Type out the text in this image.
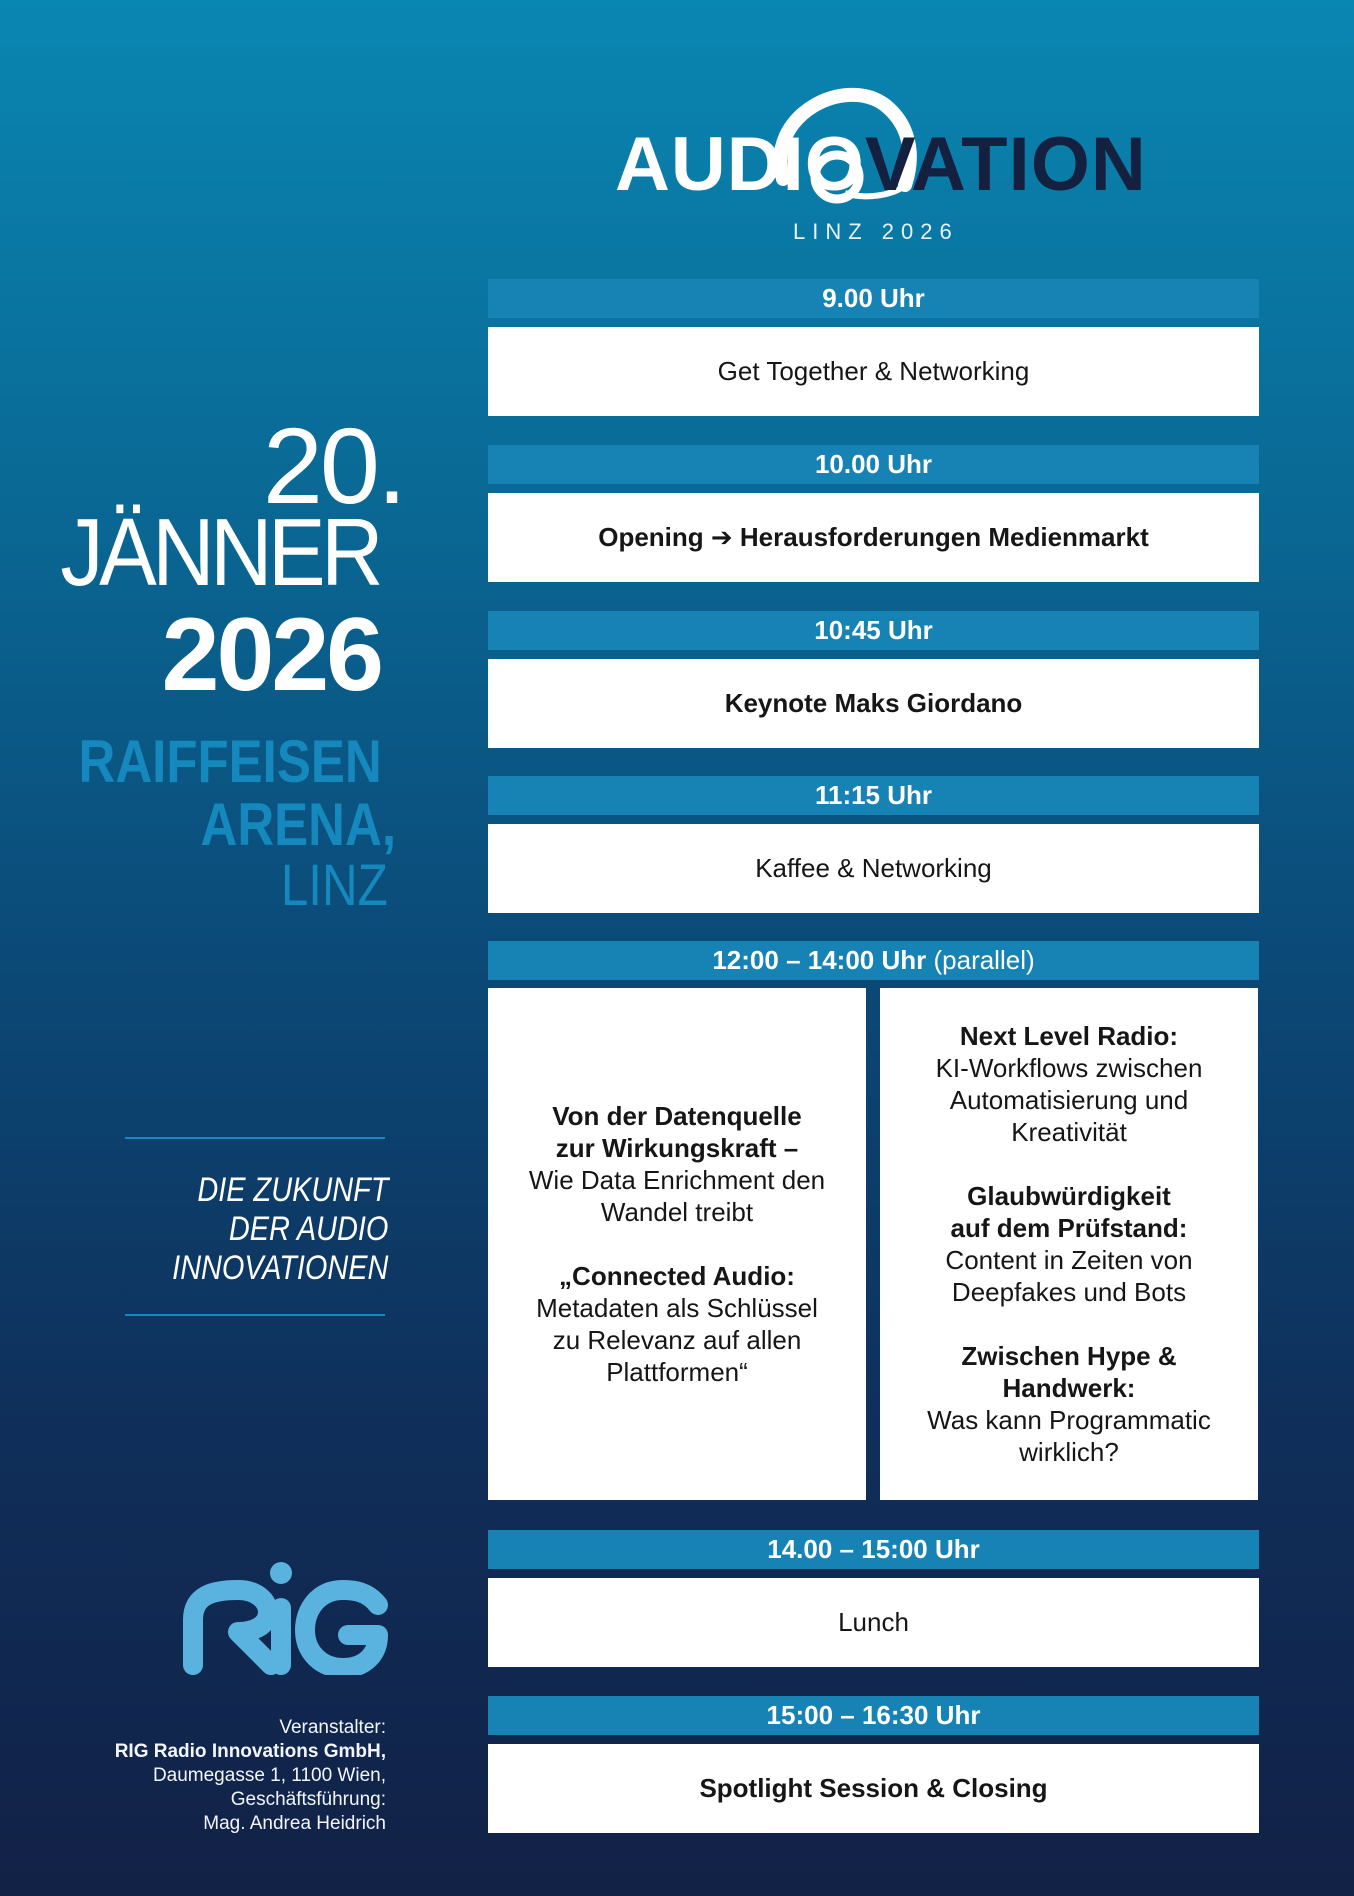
AUDIOVATION
LINZ 2026
20.
JÄNNER
2026
RAIFFEISEN
ARENA,
LINZ
DIE ZUKUNFT
DER AUDIO
INNOVATIONEN
Veranstalter:
RIG Radio Innovations GmbH,
Daumegasse 1, 1100 Wien,
Geschäftsführung:
Mag. Andrea Heidrich
9.00 Uhr
Get Together & Networking
10.00 Uhr
Opening ➔ Herausforderungen Medienmarkt
10:45 Uhr
Keynote Maks Giordano
11:15 Uhr
Kaffee & Networking
12:00 – 14:00 Uhr (parallel)

Von der Datenquelle
zur Wirkungskraft –
Wie Data Enrichment den
Wandel treibt

„Connected Audio:
Metadaten als Schlüssel
zu Relevanz auf allen
Plattformen“

Next Level Radio:
KI-Workflows zwischen
Automatisierung und
Kreativität

Glaubwürdigkeit
auf dem Prüfstand:
Content in Zeiten von
Deepfakes und Bots

Zwischen Hype &
Handwerk:
Was kann Programmatic
wirklich?

14.00 – 15:00 Uhr
Lunch
15:00 – 16:30 Uhr
Spotlight Session & Closing
